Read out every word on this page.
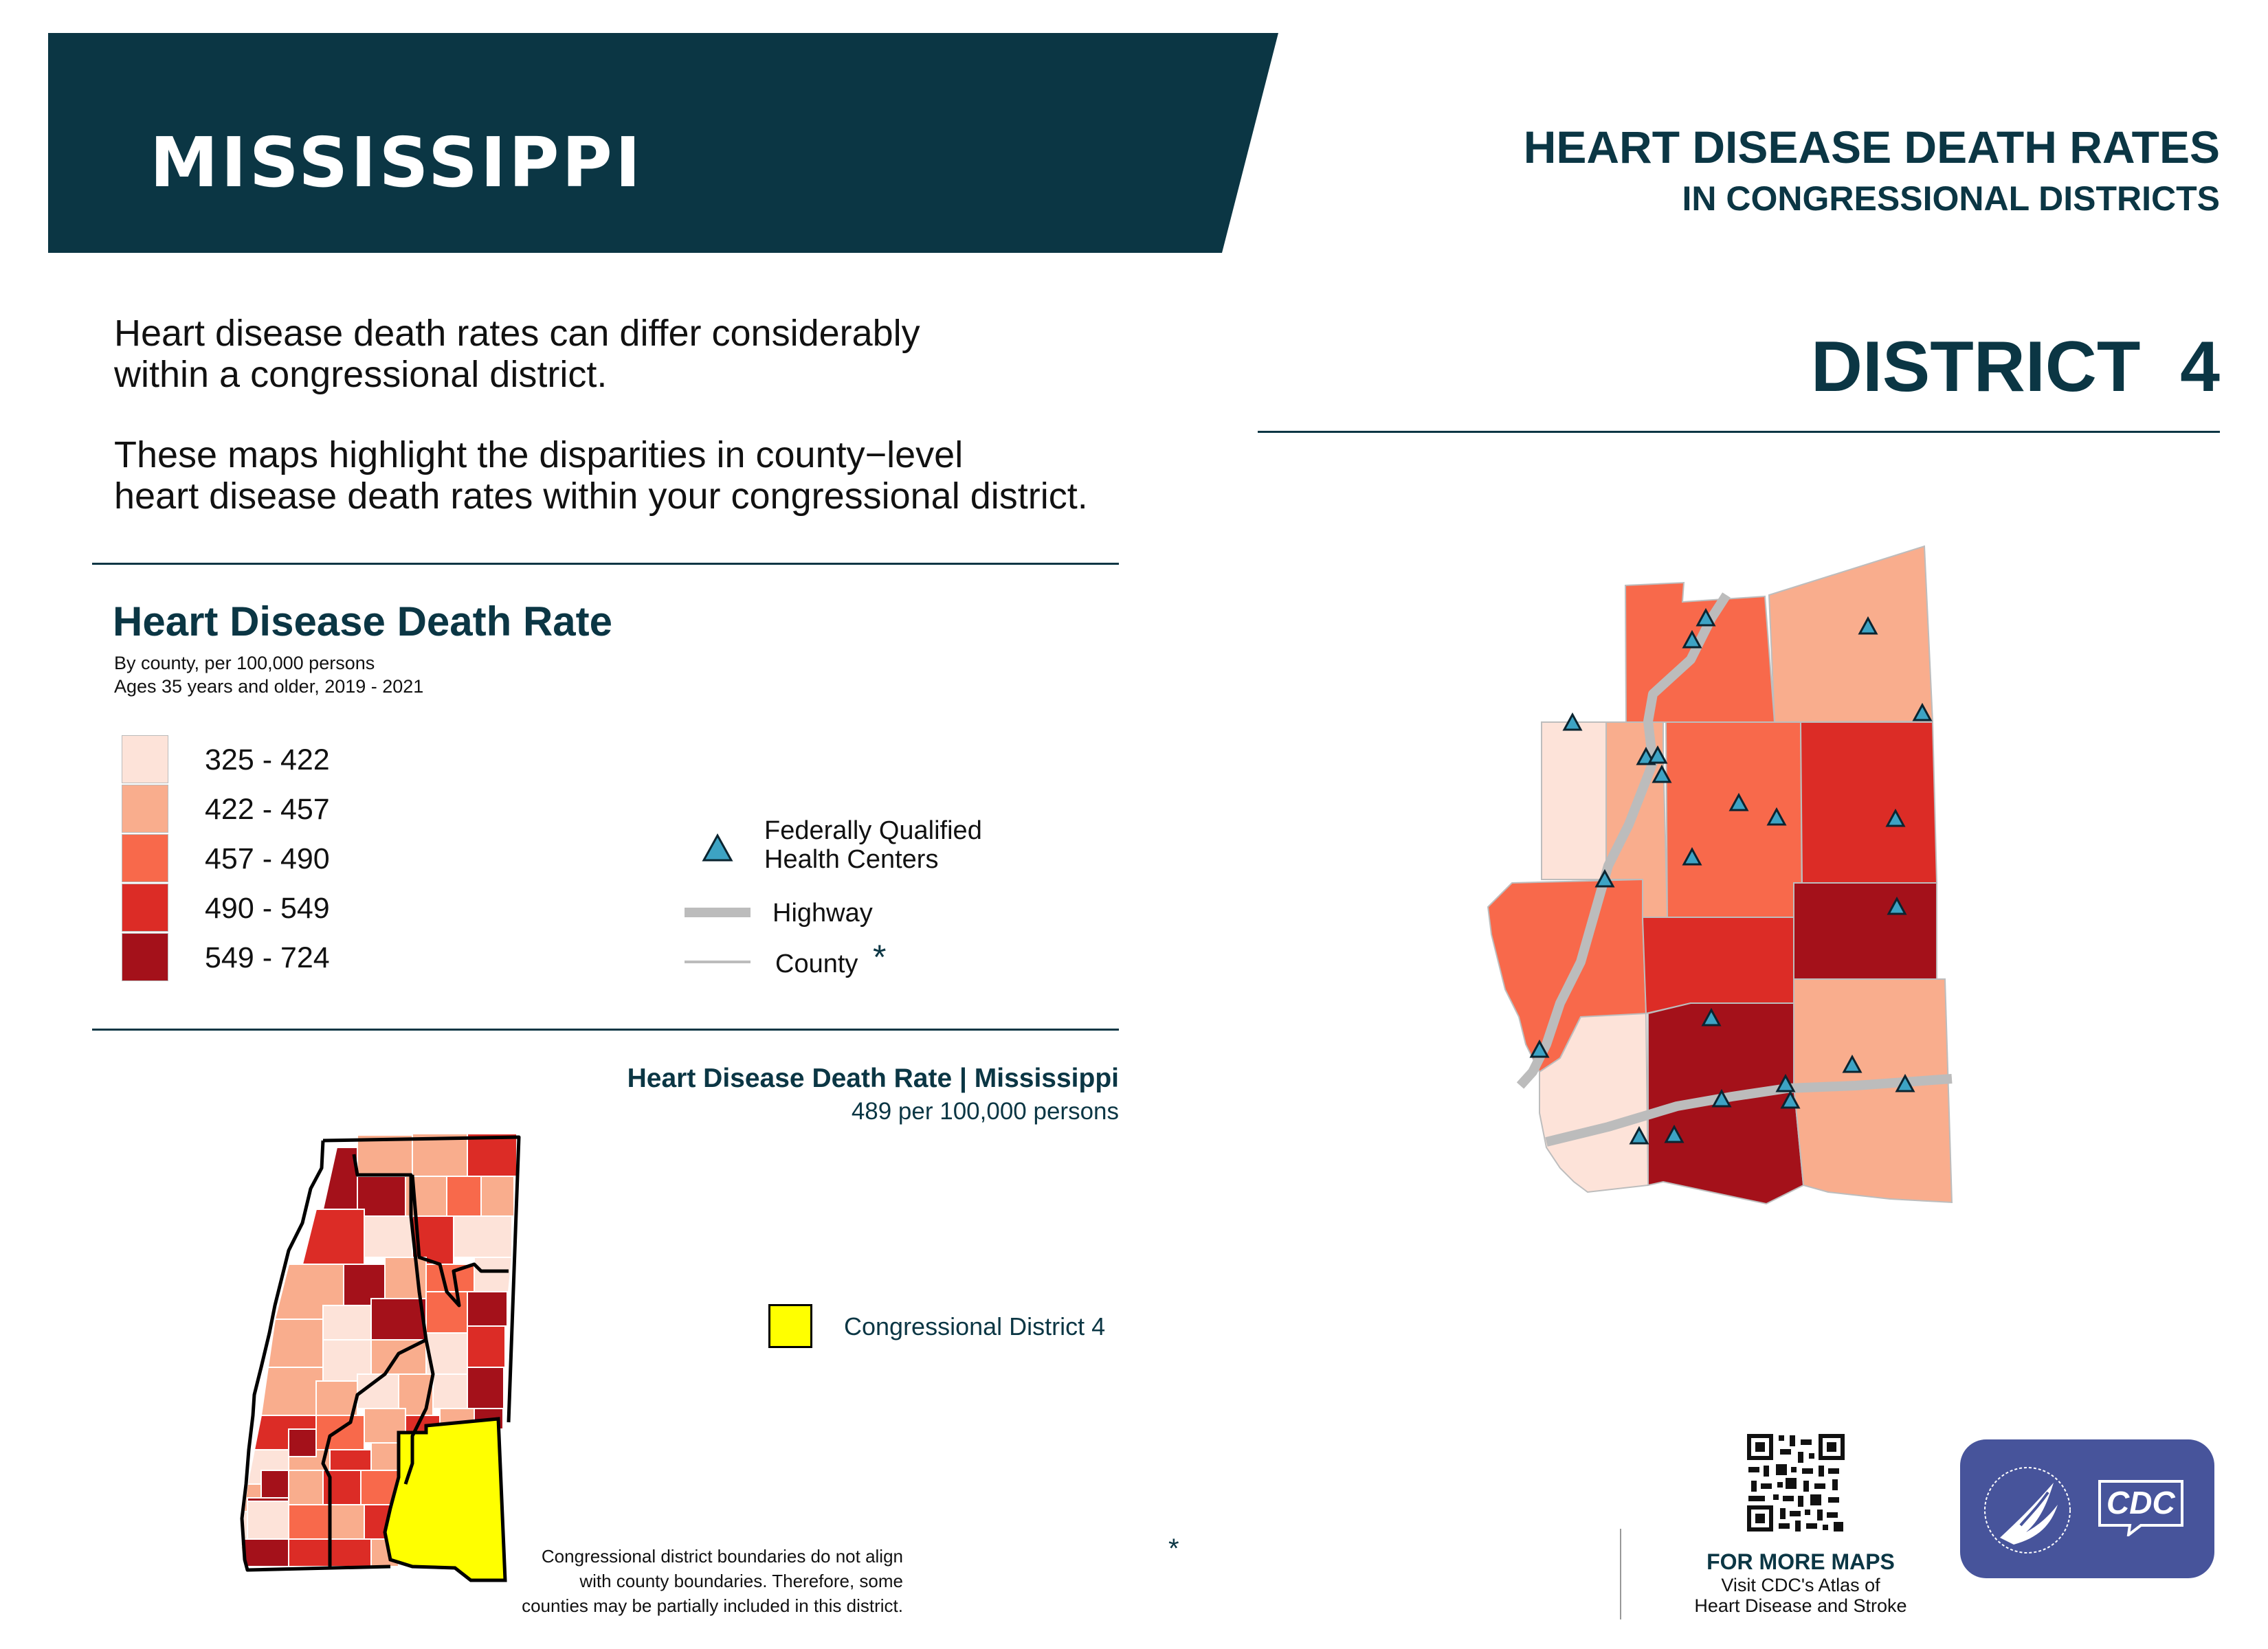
MISSISSIPPI	HEART DISEASE DEATH RATES
IN CONGRESSIONAL DISTRICTS
DISTRICT  4

Heart disease death rates can differ considerably

within a congressional district.

These maps highlight the disparities in county−level

heart disease death rates within your congressional district.

Heart Disease Death Rate

By county, per 100,000 persons

Ages 35 years and older, 2019 - 2021

325 - 422
422 - 457
457 - 490
490 - 549
549 - 724
Federally Qualified
Health Centers
Highway
County *
Heart Disease Death Rate | Mississippi
489 per 100,000 persons
Congressional District 4
*
Congressional district boundaries do not align
with county boundaries. Therefore, some
counties may be partially included in this district.
FOR MORE MAPS
Visit CDC's Atlas of
Heart Disease and Stroke
CDC
